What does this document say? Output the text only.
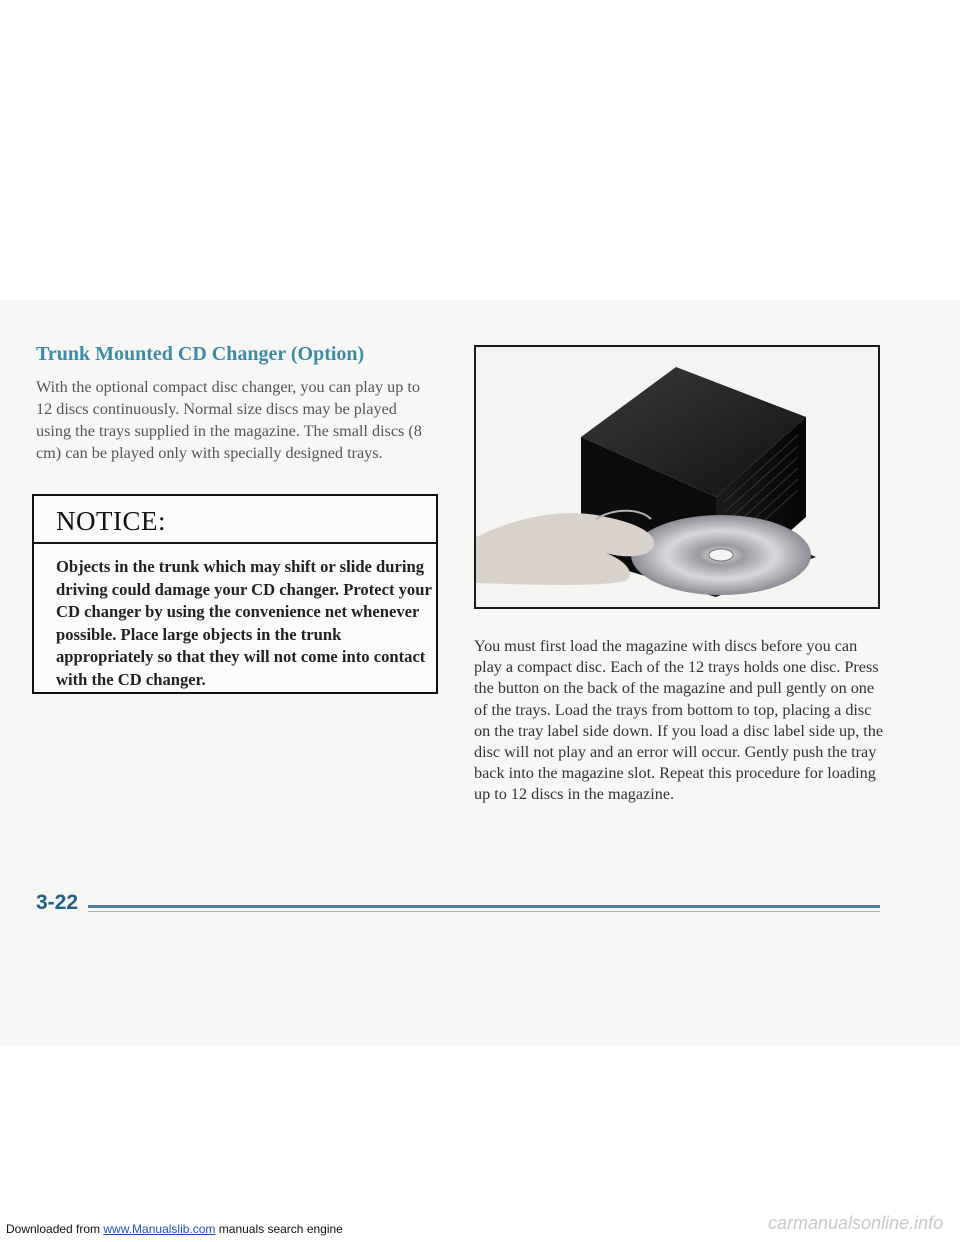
Trunk Mounted CD Changer (Option)

With the optional compact disc changer, you can play up to 12 discs continuously. Normal size discs may be played using the trays supplied in the magazine. The small discs (8 cm) can be played only with specially designed trays.

NOTICE:
Objects in the trunk which may shift or slide during driving could damage your CD changer. Protect your CD changer by using the convenience net whenever possible. Place large objects in the trunk appropriately so that they will not come into contact with the CD changer.

You must first load the magazine with discs before you can play a compact disc. Each of the 12 trays holds one disc. Press the button on the back of the magazine and pull gently on one of the trays. Load the trays from bottom to top, placing a disc on the tray label side down. If you load a disc label side up, the disc will not play and an error will occur. Gently push the tray back into the magazine slot. Repeat this procedure for loading up to 12 discs in the magazine.

3-22
Downloaded from www.Manualslib.com manuals search engine	carmanualsonline.info
